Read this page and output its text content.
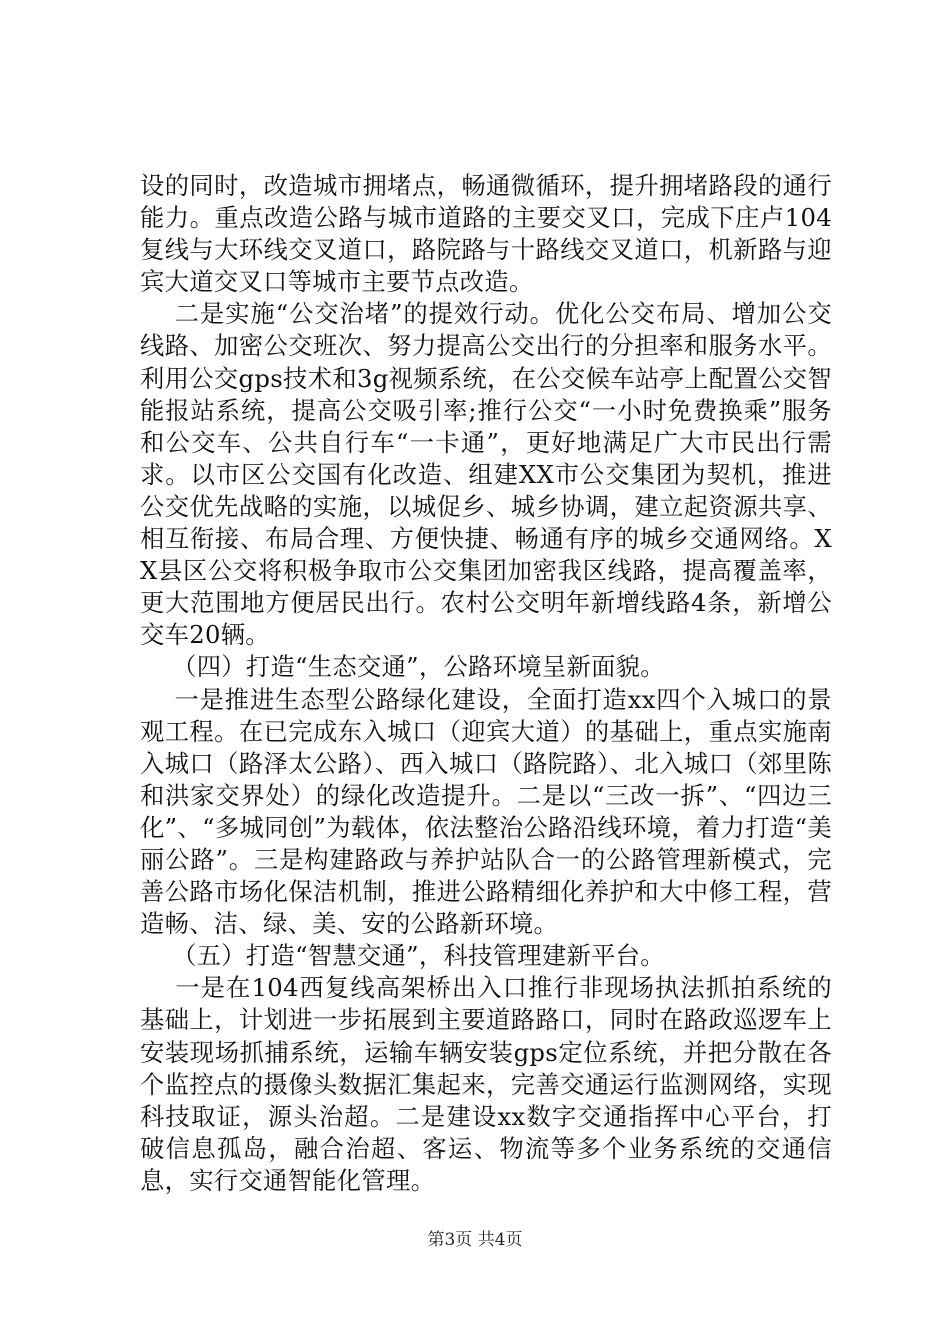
设的同时，改造城市拥堵点，畅通微循环，提升拥堵路段的通行能力。重点改造公路与城市道路的主要交叉口，完成下庄卢104复线与大环线交叉道口，路院路与十路线交叉道口，机新路与迎宾大道交叉口等城市主要节点改造。

二是实施“公交治堵”的提效行动。优化公交布局、增加公交线路、加密公交班次、努力提高公交出行的分担率和服务水平。利用公交gps技术和3g视频系统，在公交候车站亭上配置公交智能报站系统，提高公交吸引率;推行公交“一小时免费换乘”服务和公交车、公共自行车“一卡通”，更好地满足广大市民出行需求。以市区公交国有化改造、组建XX市公交集团为契机，推进公交优先战略的实施，以城促乡、城乡协调，建立起资源共享、相互衔接、布局合理、方便快捷、畅通有序的城乡交通网络。XX县区公交将积极争取市公交集团加密我区线路，提高覆盖率，更大范围地方便居民出行。农村公交明年新增线路4条，新增公交车20辆。

（四）打造“生态交通”，公路环境呈新面貌。

一是推进生态型公路绿化建设，全面打造xx四个入城口的景观工程。在已完成东入城口（迎宾大道）的基础上，重点实施南入城口（路泽太公路）、西入城口（路院路）、北入城口（郊里陈和洪家交界处）的绿化改造提升。二是以“三改一拆”、“四边三化”、“多城同创”为载体，依法整治公路沿线环境，着力打造“美丽公路”。三是构建路政与养护站队合一的公路管理新模式，完善公路市场化保洁机制，推进公路精细化养护和大中修工程，营造畅、洁、绿、美、安的公路新环境。

（五）打造“智慧交通”，科技管理建新平台。

一是在104西复线高架桥出入口推行非现场执法抓拍系统的基础上，计划进一步拓展到主要道路路口，同时在路政巡逻车上安装现场抓捕系统，运输车辆安装gps定位系统，并把分散在各个监控点的摄像头数据汇集起来，完善交通运行监测网络，实现科技取证，源头治超。二是建设xx数字交通指挥中心平台，打破信息孤岛，融合治超、客运、物流等多个业务系统的交通信息，实行交通智能化管理。

第3页 共4页
